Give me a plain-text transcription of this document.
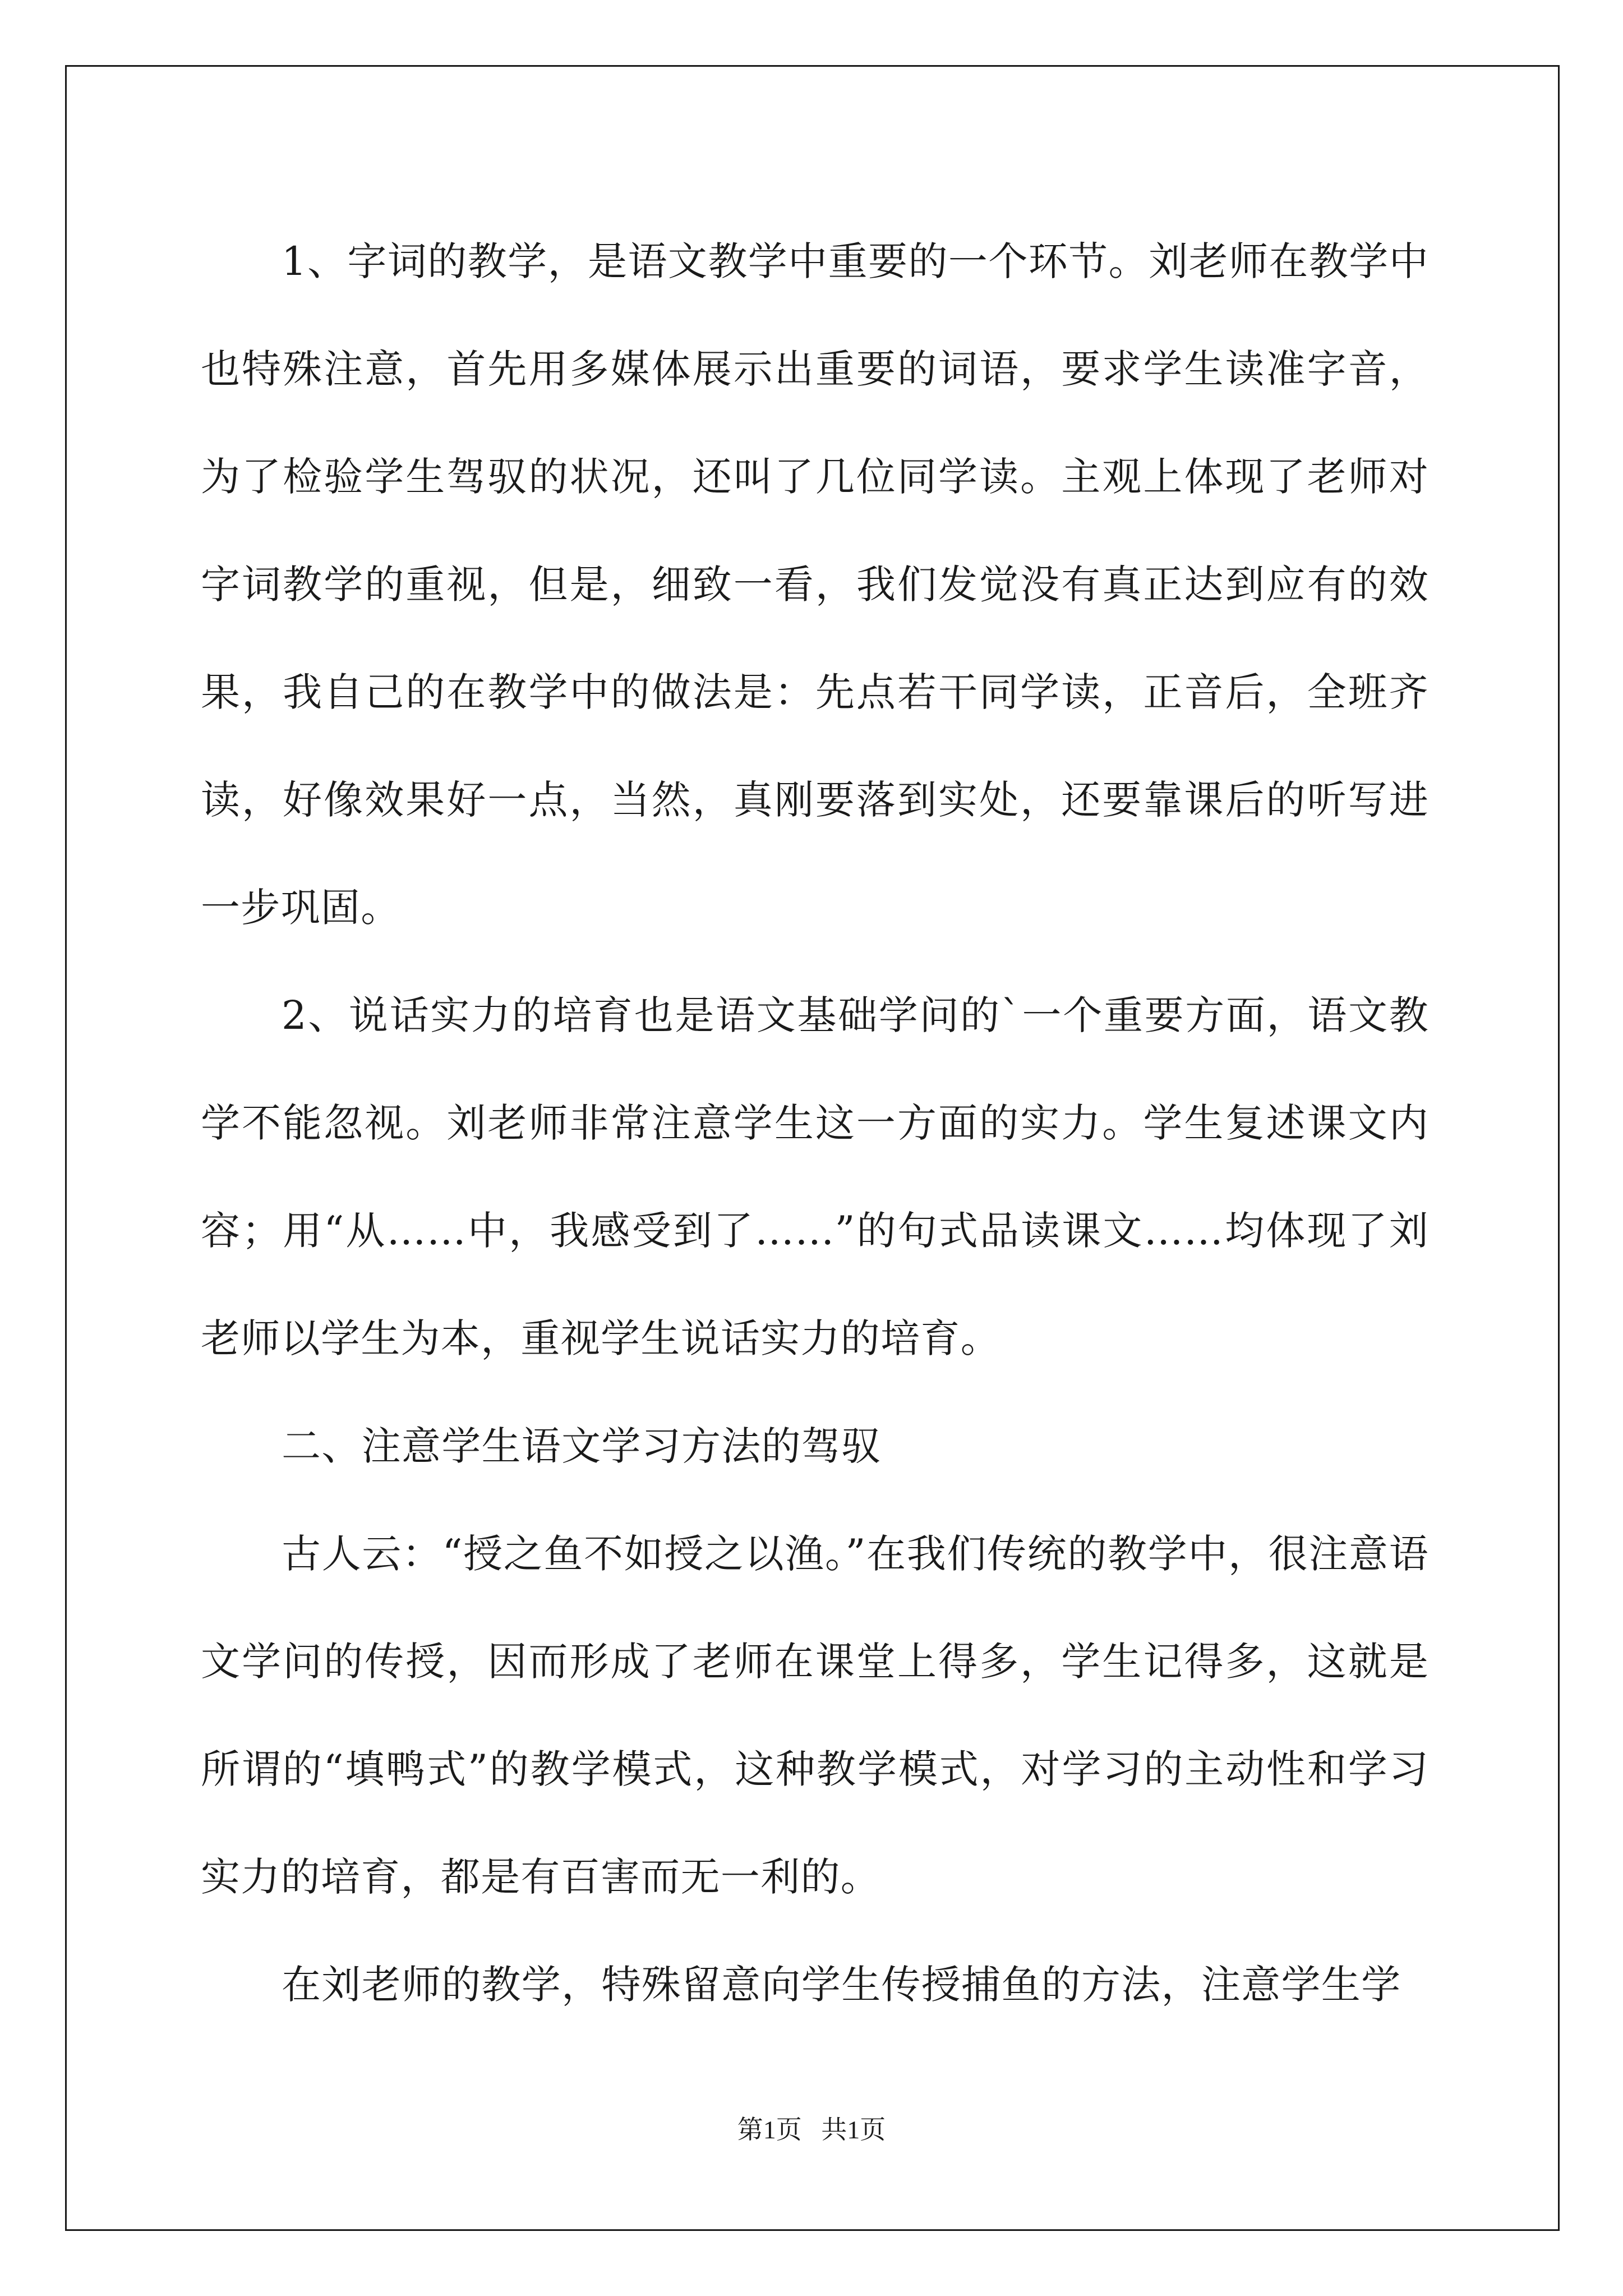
1、字词的教学，是语文教学中重要的一个环节。刘老师在教学中也特殊注意，首先用多媒体展示出重要的词语，要求学生读准字音，为了检验学生驾驭的状况，还叫了几位同学读。主观上体现了老师对字词教学的重视，但是，细致一看，我们发觉没有真正达到应有的效果，我自己的在教学中的做法是：先点若干同学读，正音后，全班齐读，好像效果好一点，当然，真刚要落到实处，还要靠课后的听写进一步巩固。

2、说话实力的培育也是语文基础学问的`一个重要方面，语文教学不能忽视。刘老师非常注意学生这一方面的实力。学生复述课文内容；用“从……中，我感受到了……”的句式品读课文……均体现了刘老师以学生为本，重视学生说话实力的培育。

二、注意学生语文学习方法的驾驭

古人云：“授之鱼不如授之以渔。”在我们传统的教学中，很注意语文学问的传授，因而形成了老师在课堂上得多，学生记得多，这就是所谓的“填鸭式”的教学模式，这种教学模式，对学习的主动性和学习实力的培育，都是有百害而无一利的。

在刘老师的教学，特殊留意向学生传授捕鱼的方法，注意学生学

第1页   共1页
